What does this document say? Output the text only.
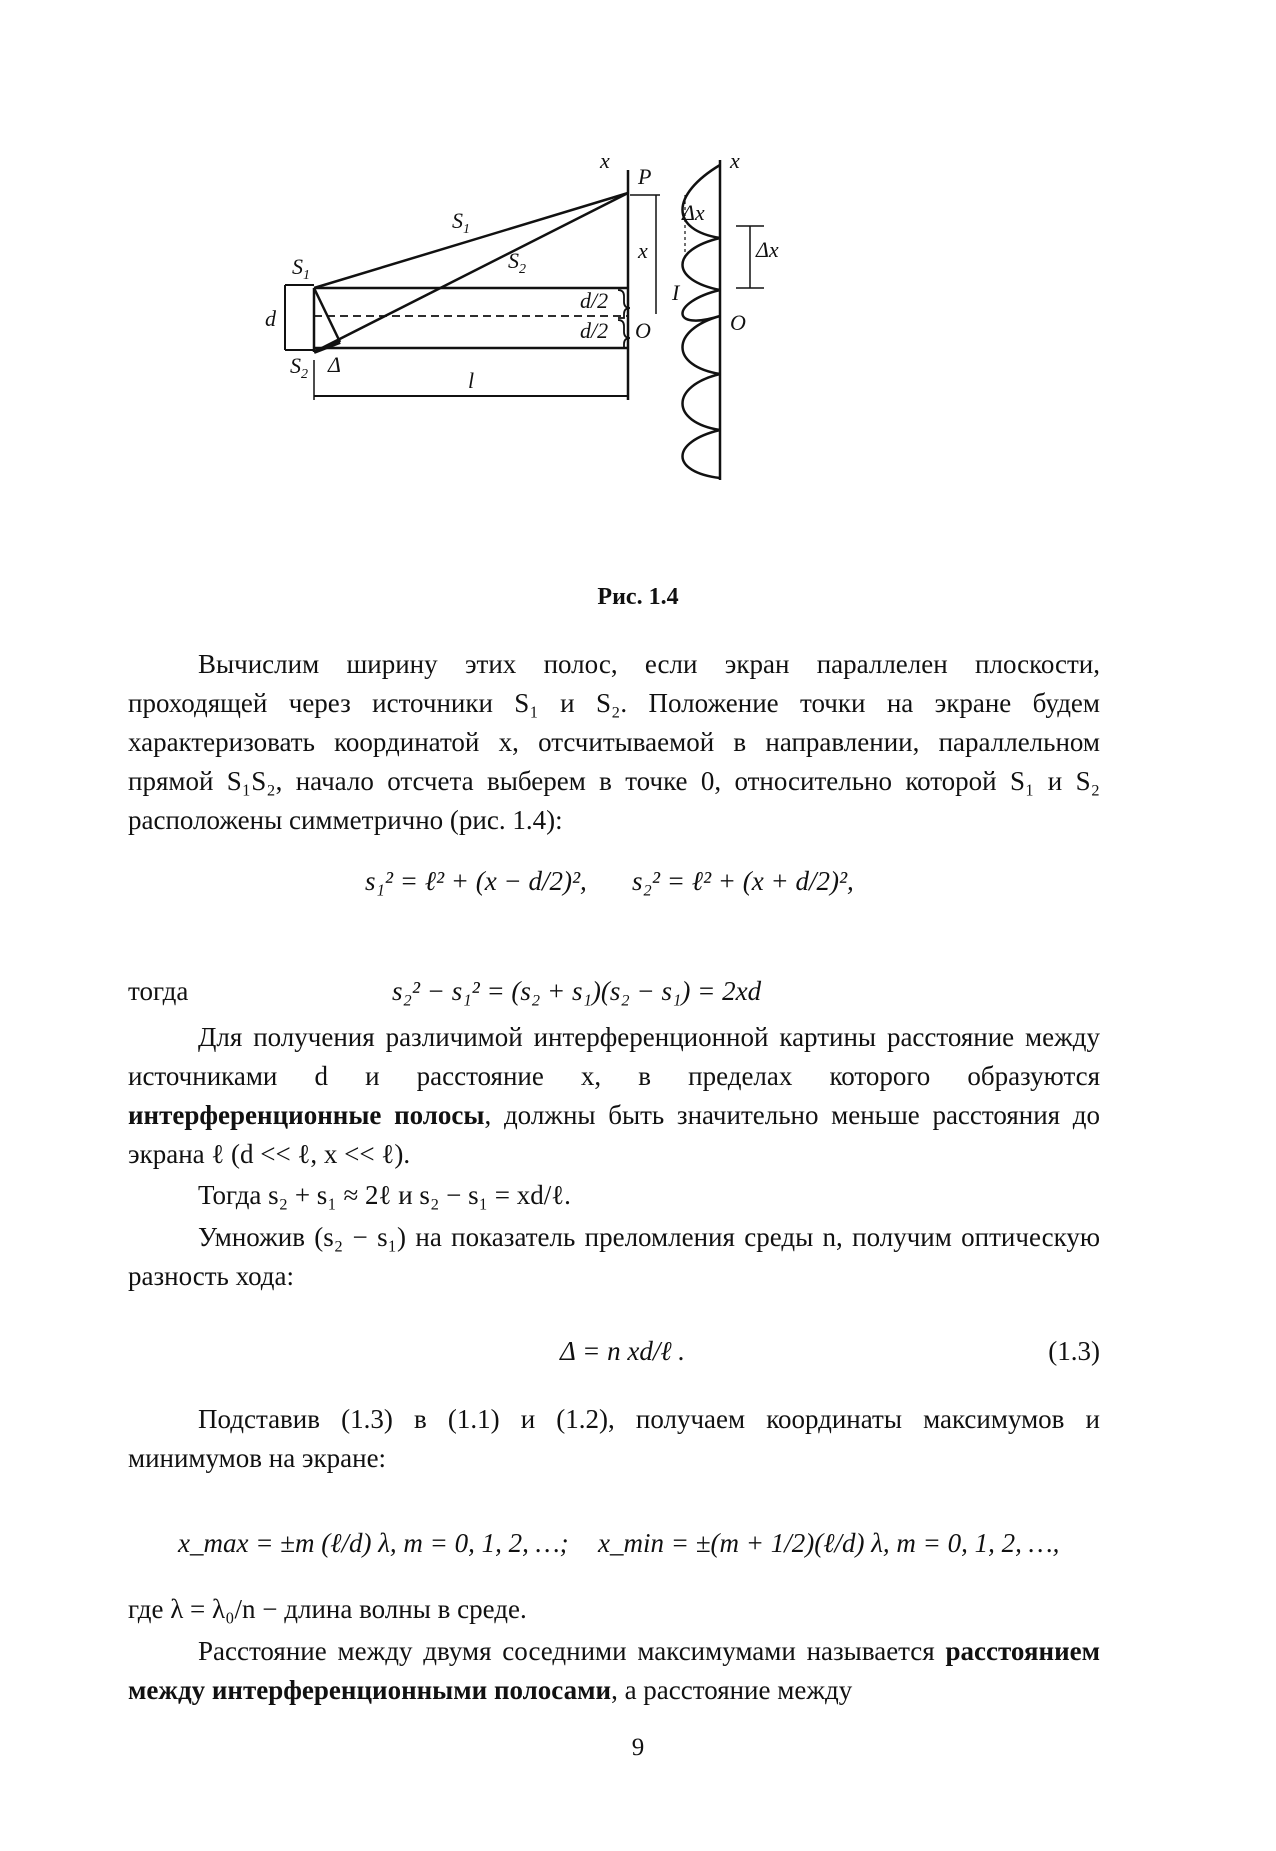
$S_1$
$S_2$
d
Δ
l
$S_1$
$S_2$
x
P
x
d/2
d/2 O
I
O
x
Δx
Δx
Рис. 1.4
Вычислим ширину этих полос, если экран параллелен плоскости, проходящей через источники S₁ и S₂. Положение точки на экране будем характеризовать координатой x, отсчитываемой в направлении, параллельном прямой S₁S₂, начало отсчета выберем в точке 0, относительно которой S₁ и S₂ расположены симметрично (рис. 1.4):
s₁² = ℓ² + (x − d/2)², s₂² = ℓ² + (x + d/2)²,
тогда	s₂² − s₁² = (s₂ + s₁)(s₂ − s₁) = 2xd
Для получения различимой интерференционной картины расстояние между источниками d и расстояние x, в пределах которого образуются интерференционные полосы, должны быть значительно меньше расстояния до экрана ℓ (d << ℓ, x << ℓ).
Тогда s₂ + s₁ ≈ 2ℓ и s₂ − s₁ = xd/ℓ.
Умножив (s₂ − s₁) на показатель преломления среды n, получим оптическую разность хода:
Δ = n xd/ℓ .	(1.3)
Подставив (1.3) в (1.1) и (1.2), получаем координаты максимумов и минимумов на экране:
x_max = ±m (ℓ/d) λ, m = 0, 1, 2, …; x_min = ±(m + 1/2)(ℓ/d) λ, m = 0, 1, 2, …,
где λ = λ₀/n − длина волны в среде.
Расстояние между двумя соседними максимумами называется расстоянием между интерференционными полосами, а расстояние между
9
